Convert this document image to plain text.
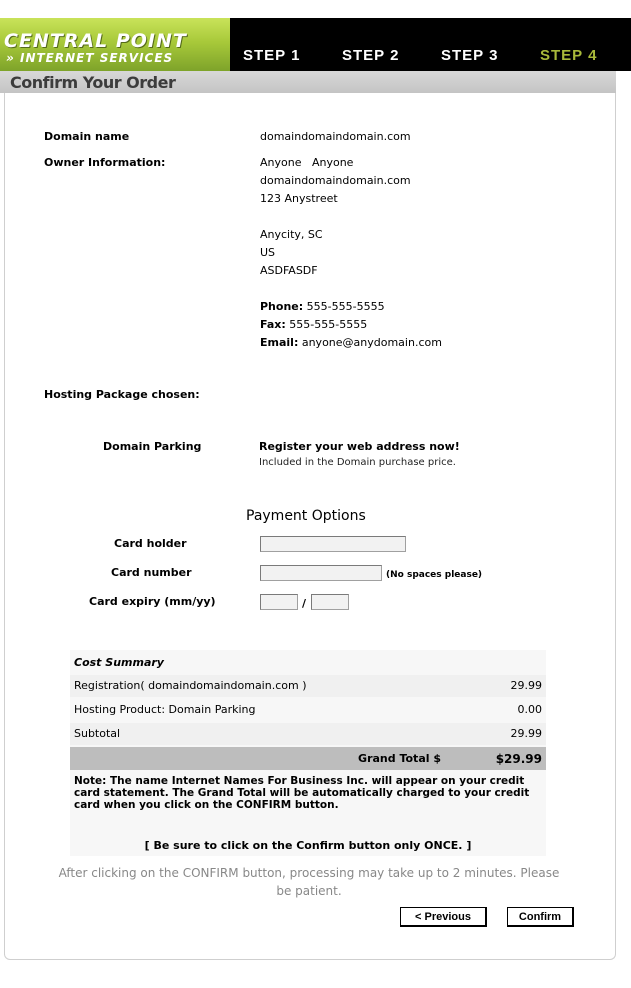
CENTRAL POINT
» INTERNET SERVICES	STEP 1	STEP 2	STEP 3	STEP 4
Confirm Your Order
Domain name	domaindomaindomain.com
Owner Information:	Anyone   Anyone
domaindomaindomain.com
123 Anystreet
Anycity, SC
US
ASDFASDF
Phone: 555-555-5555
Fax: 555-555-5555
Email: anyone@anydomain.com
Hosting Package chosen:
Domain Parking	Register your web address now!
Included in the Domain purchase price.
Payment Options
Card holder
Card number	(No spaces please)
Card expiry (mm/yy)	/
Cost Summary
Registration( domaindomaindomain.com )	29.99
Hosting Product: Domain Parking	0.00
Subtotal	29.99
Grand Total $	$29.99
Note: The name Internet Names For Business Inc. will appear on your credit card statement. The Grand Total will be automatically charged to your credit card when you click on the CONFIRM button.
[ Be sure to click on the Confirm button only ONCE. ]
After clicking on the CONFIRM button, processing may take up to 2 minutes. Please be patient.
< Previous	Confirm
